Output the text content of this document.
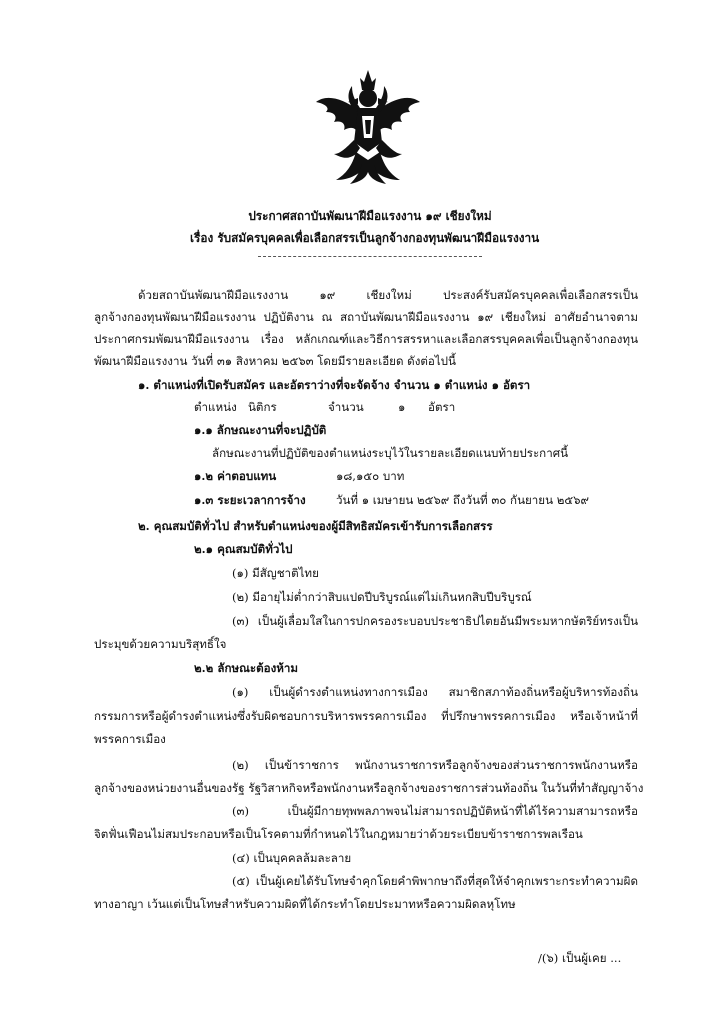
ประกาศสถาบันพัฒนาฝีมือแรงงาน ๑๙ เชียงใหม่
เรื่อง รับสมัครบุคคลเพื่อเลือกสรรเป็นลูกจ้างกองทุนพัฒนาฝีมือแรงงาน
ด้วยสถาบันพัฒนาฝีมือแรงงาน ๑๙ เชียงใหม่ ประสงค์รับสมัครบุคคลเพื่อเลือกสรรเป็น
ลูกจ้างกองทุนพัฒนาฝีมือแรงงาน ปฏิบัติงาน ณ สถาบันพัฒนาฝีมือแรงงาน ๑๙ เชียงใหม่ อาศัยอำนาจตาม
ประกาศกรมพัฒนาฝีมือแรงงาน เรื่อง หลักเกณฑ์และวิธีการสรรหาและเลือกสรรบุคคลเพื่อเป็นลูกจ้างกองทุน
พัฒนาฝีมือแรงงาน วันที่ ๓๑ สิงหาคม ๒๕๖๓ โดยมีรายละเอียด ดังต่อไปนี้
๑. ตำแหน่งที่เปิดรับสมัคร และอัตราว่างที่จะจัดจ้าง จำนวน ๑ ตำแหน่ง ๑ อัตรา
ตำแหน่ง นิติกร	จำนวน	๑ อัตรา
๑.๑ ลักษณะงานที่จะปฏิบัติ
ลักษณะงานที่ปฏิบัติของตำแหน่งระบุไว้ในรายละเอียดแนบท้ายประกาศนี้
๑.๒ ค่าตอบแทน	๑๘,๑๕๐ บาท
๑.๓ ระยะเวลาการจ้าง	วันที่ ๑ เมษายน ๒๕๖๙ ถึงวันที่ ๓๐ กันยายน ๒๕๖๙
๒. คุณสมบัติทั่วไป สำหรับตำแหน่งของผู้มีสิทธิสมัครเข้ารับการเลือกสรร
๒.๑ คุณสมบัติทั่วไป
(๑) มีสัญชาติไทย
(๒) มีอายุไม่ต่ำกว่าสิบแปดปีบริบูรณ์แต่ไม่เกินหกสิบปีบริบูรณ์
(๓) เป็นผู้เลื่อมใสในการปกครองระบอบประชาธิปไตยอันมีพระมหากษัตริย์ทรงเป็น
ประมุขด้วยความบริสุทธิ์ใจ
๒.๒ ลักษณะต้องห้าม
(๑) เป็นผู้ดำรงตำแหน่งทางการเมือง สมาชิกสภาท้องถิ่นหรือผู้บริหารท้องถิ่น
กรรมการหรือผู้ดำรงตำแหน่งซึ่งรับผิดชอบการบริหารพรรคการเมือง ที่ปรึกษาพรรคการเมือง หรือเจ้าหน้าที่
พรรคการเมือง
(๒) เป็นข้าราชการ พนักงานราชการหรือลูกจ้างของส่วนราชการพนักงานหรือ
ลูกจ้างของหน่วยงานอื่นของรัฐ รัฐวิสาหกิจหรือพนักงานหรือลูกจ้างของราชการส่วนท้องถิ่น ในวันที่ทำสัญญาจ้าง
(๓) เป็นผู้มีกายทุพพลภาพจนไม่สามารถปฏิบัติหน้าที่ได้ไร้ความสามารถหรือ
จิตฟั่นเฟือนไม่สมประกอบหรือเป็นโรคตามที่กำหนดไว้ในกฎหมายว่าด้วยระเบียบข้าราชการพลเรือน
(๔) เป็นบุคคลล้มละลาย
(๕) เป็นผู้เคยได้รับโทษจำคุกโดยคำพิพากษาถึงที่สุดให้จำคุกเพราะกระทำความผิด
ทางอาญา เว้นแต่เป็นโทษสำหรับความผิดที่ได้กระทำโดยประมาทหรือความผิดลหุโทษ
/(๖) เป็นผู้เคย ...
